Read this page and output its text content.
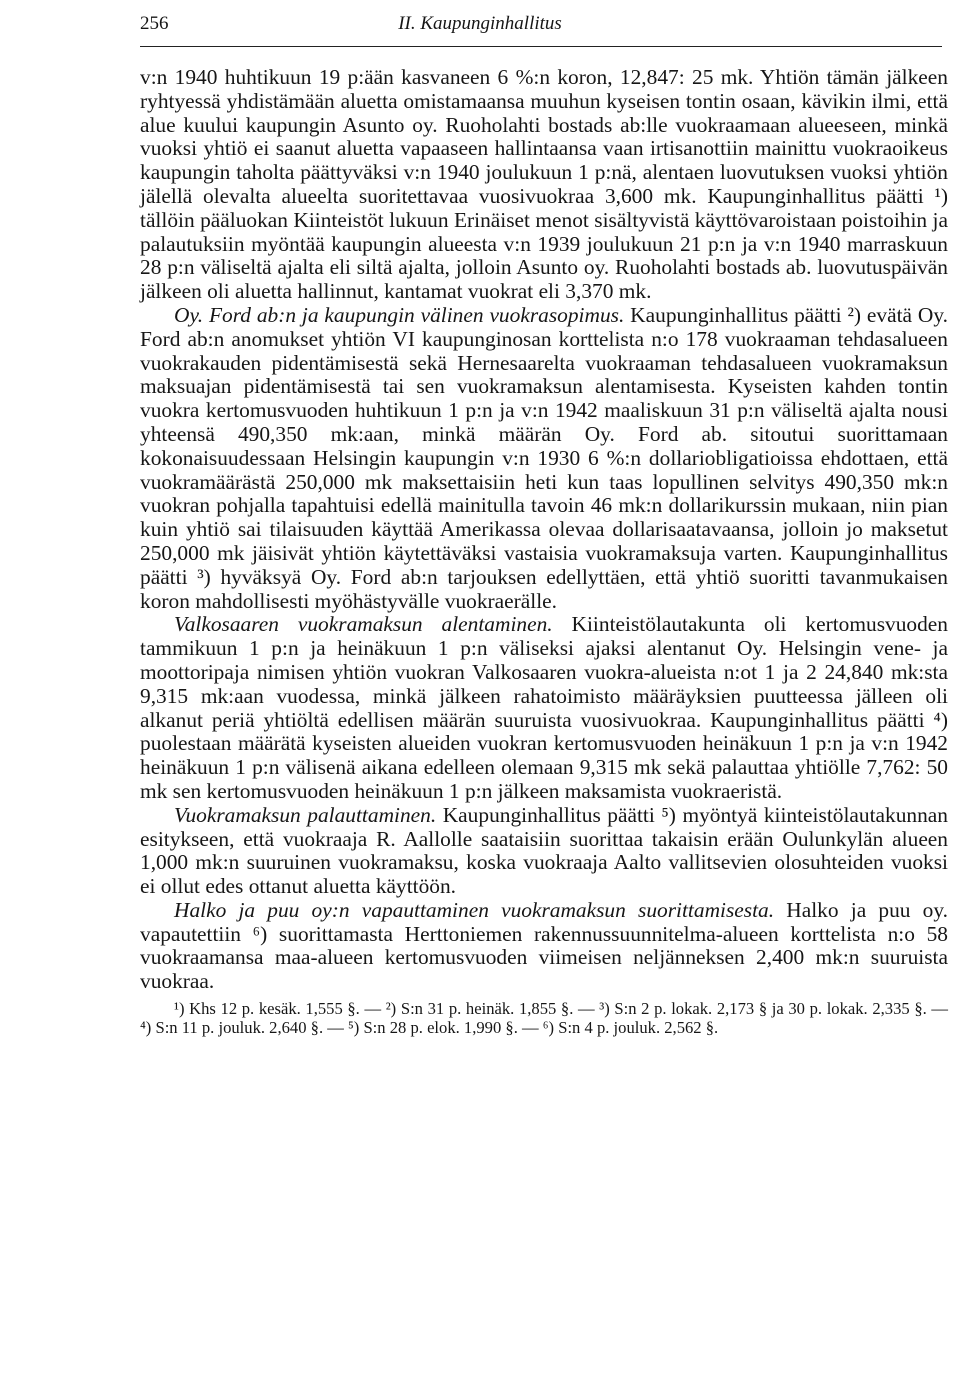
256	II. Kaupunginhallitus

v:n 1940 huhtikuun 19 p:ään kasvaneen 6 %:n koron, 12,847: 25 mk. Yhtiön tämän jälkeen ryhtyessä yhdistämään aluetta omistamaansa muuhun kyseisen tontin osaan, kävikin ilmi, että alue kuului kaupungin Asunto oy. Ruoholahti bostads ab:lle vuokraamaan alueeseen, minkä vuoksi yhtiö ei saanut aluetta vapaaseen hallintaansa vaan irtisanottiin mainittu vuokraoikeus kaupungin taholta päättyväksi v:n 1940 joulukuun 1 p:nä, alentaen luovutuksen vuoksi yhtiön jälellä olevalta alueelta suoritettavaa vuosivuokraa 3,600 mk. Kaupunginhallitus päätti ¹) tällöin pääluokan Kiinteistöt lukuun Erinäiset menot sisältyvistä käyttövaroistaan poistoihin ja palautuksiin myöntää kaupungin alueesta v:n 1939 joulukuun 21 p:n ja v:n 1940 marraskuun 28 p:n väliseltä ajalta eli siltä ajalta, jolloin Asunto oy. Ruoholahti bostads ab. luovutuspäivän jälkeen oli aluetta hallinnut, kantamat vuokrat eli 3,370 mk.

Oy. Ford ab:n ja kaupungin välinen vuokrasopimus. Kaupunginhallitus päätti ²) evätä Oy. Ford ab:n anomukset yhtiön VI kaupunginosan korttelista n:o 178 vuokraaman tehdasalueen vuokrakauden pidentämisestä sekä Hernesaarelta vuokraaman tehdasalueen vuokramaksun maksuajan pidentämisestä tai sen vuokramaksun alentamisesta. Kyseisten kahden tontin vuokra kertomusvuoden huhtikuun 1 p:n ja v:n 1942 maaliskuun 31 p:n väliseltä ajalta nousi yhteensä 490,350 mk:aan, minkä määrän Oy. Ford ab. sitoutui suorittamaan kokonaisuudessaan Helsingin kaupungin v:n 1930 6 %:n dollariobligatioissa ehdottaen, että vuokramäärästä 250,000 mk maksettaisiin heti kun taas lopullinen selvitys 490,350 mk:n vuokran pohjalla tapahtuisi edellä mainitulla tavoin 46 mk:n dollarikurssin mukaan, niin pian kuin yhtiö sai tilaisuuden käyttää Amerikassa olevaa dollarisaatavaansa, jolloin jo maksetut 250,000 mk jäisivät yhtiön käytettäväksi vastaisia vuokramaksuja varten. Kaupunginhallitus päätti ³) hyväksyä Oy. Ford ab:n tarjouksen edellyttäen, että yhtiö suoritti tavanmukaisen koron mahdollisesti myöhästyvälle vuokraerälle.

Valkosaaren vuokramaksun alentaminen. Kiinteistölautakunta oli kertomusvuoden tammikuun 1 p:n ja heinäkuun 1 p:n väliseksi ajaksi alentanut Oy. Helsingin vene- ja moottoripaja nimisen yhtiön vuokran Valkosaaren vuokra-alueista n:ot 1 ja 2 24,840 mk:sta 9,315 mk:aan vuodessa, minkä jälkeen rahatoimisto määräyksien puutteessa jälleen oli alkanut periä yhtiöltä edellisen määrän suuruista vuosivuokraa. Kaupunginhallitus päätti ⁴) puolestaan määrätä kyseisten alueiden vuokran kertomusvuoden heinäkuun 1 p:n ja v:n 1942 heinäkuun 1 p:n välisenä aikana edelleen olemaan 9,315 mk sekä palauttaa yhtiölle 7,762: 50 mk sen kertomusvuoden heinäkuun 1 p:n jälkeen maksamista vuokraeristä.

Vuokramaksun palauttaminen. Kaupunginhallitus päätti ⁵) myöntyä kiinteistölautakunnan esitykseen, että vuokraaja R. Aallolle saataisiin suorittaa takaisin erään Oulunkylän alueen 1,000 mk:n suuruinen vuokramaksu, koska vuokraaja Aalto vallitsevien olosuhteiden vuoksi ei ollut edes ottanut aluetta käyttöön.

Halko ja puu oy:n vapauttaminen vuokramaksun suorittamisesta. Halko ja puu oy. vapautettiin ⁶) suorittamasta Herttoniemen rakennussuunnitelma-alueen korttelista n:o 58 vuokraamansa maa-alueen kertomusvuoden viimeisen neljänneksen 2,400 mk:n suuruista vuokraa.

¹) Khs 12 p. kesäk. 1,555 §. — ²) S:n 31 p. heinäk. 1,855 §. — ³) S:n 2 p. lokak. 2,173 § ja 30 p. lokak. 2,335 §. — ⁴) S:n 11 p. jouluk. 2,640 §. — ⁵) S:n 28 p. elok. 1,990 §. — ⁶) S:n 4 p. jouluk. 2,562 §.
